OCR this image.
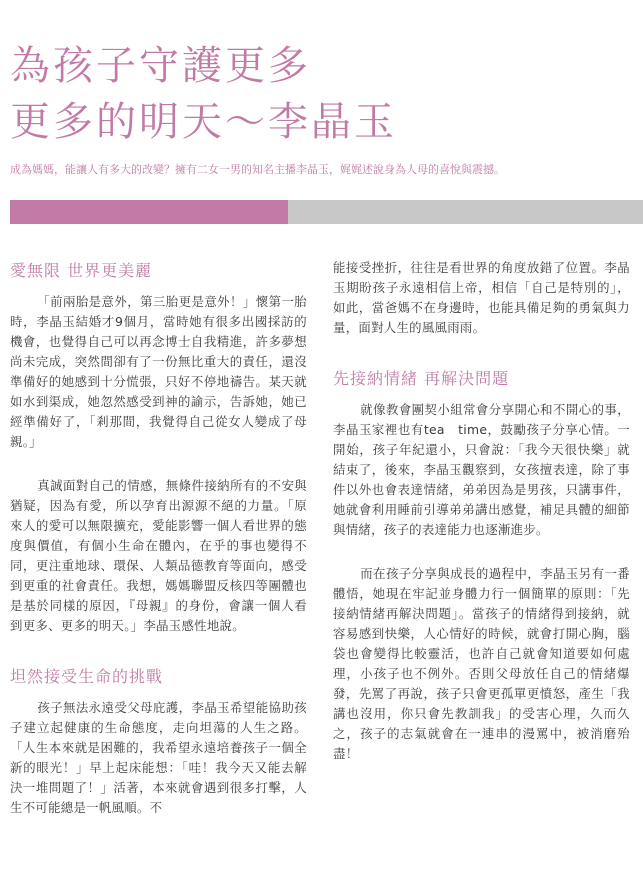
為孩子守護更多
更多的明天～李晶玉

成為媽媽，能讓人有多大的改變？擁有二女一男的知名主播李晶玉，娓娓述說身為人母的喜悅與震撼。

愛無限 世界更美麗

「前兩胎是意外，第三胎更是意外！」懷第一胎時，李晶玉結婚才9個月，當時她有很多出國採訪的機會，也覺得自己可以再念博士自我精進，許多夢想尚未完成，突然間卻有了一份無比重大的責任，還沒準備好的她感到十分慌張，只好不停地禱告。某天就如水到渠成，她忽然感受到神的諭示，告訴她，她已經準備好了，「剎那間，我覺得自己從女人變成了母親。」

真誠面對自己的情感，無條件接納所有的不安與猶疑，因為有愛，所以孕育出源源不絕的力量。「原來人的愛可以無限擴充，愛能影響一個人看世界的態度與價值，有個小生命在體內，在乎的事也變得不同，更注重地球、環保、人類品德教育等面向，感受到更重的社會責任。我想，媽媽聯盟反核四等團體也是基於同樣的原因，『母親』的身份，會讓一個人看到更多、更多的明天。」李晶玉感性地說。

坦然接受生命的挑戰

孩子無法永遠受父母庇護，李晶玉希望能協助孩子建立起健康的生命態度，走向坦蕩的人生之路。「人生本來就是困難的，我希望永遠培養孩子一個全新的眼光！」早上起床能想：「哇！我今天又能去解決一堆問題了！」活著，本來就會遇到很多打擊，人生不可能總是一帆風順。不

能接受挫折，往往是看世界的角度放錯了位置。李晶玉期盼孩子永遠相信上帝，相信「自己是特別的」，如此，當爸媽不在身邊時，也能具備足夠的勇氣與力量，面對人生的風風雨雨。

先接納情緒 再解決問題

就像教會團契小組常會分享開心和不開心的事，李晶玉家裡也有tea　time，鼓勵孩子分享心情。一開始，孩子年紀還小，只會說：「我今天很快樂」就結束了，後來，李晶玉觀察到，女孩擅表達，除了事件以外也會表達情緒，弟弟因為是男孩，只講事件，她就會利用睡前引導弟弟講出感覺，補足具體的細節與情緒，孩子的表達能力也逐漸進步。

而在孩子分享與成長的過程中，李晶玉另有一番體悟，她現在牢記並身體力行一個簡單的原則：「先接納情緒再解決問題」。當孩子的情緒得到接納，就容易感到快樂，人心情好的時候，就會打開心胸，腦袋也會變得比較靈活，也許自己就會知道要如何處理，小孩子也不例外。否則父母放任自己的情緒爆發，先罵了再說，孩子只會更孤單更憤怒，產生「我講也沒用，你只會先教訓我」的受害心理，久而久之，孩子的志氣就會在一連串的漫罵中，被消磨殆盡！
